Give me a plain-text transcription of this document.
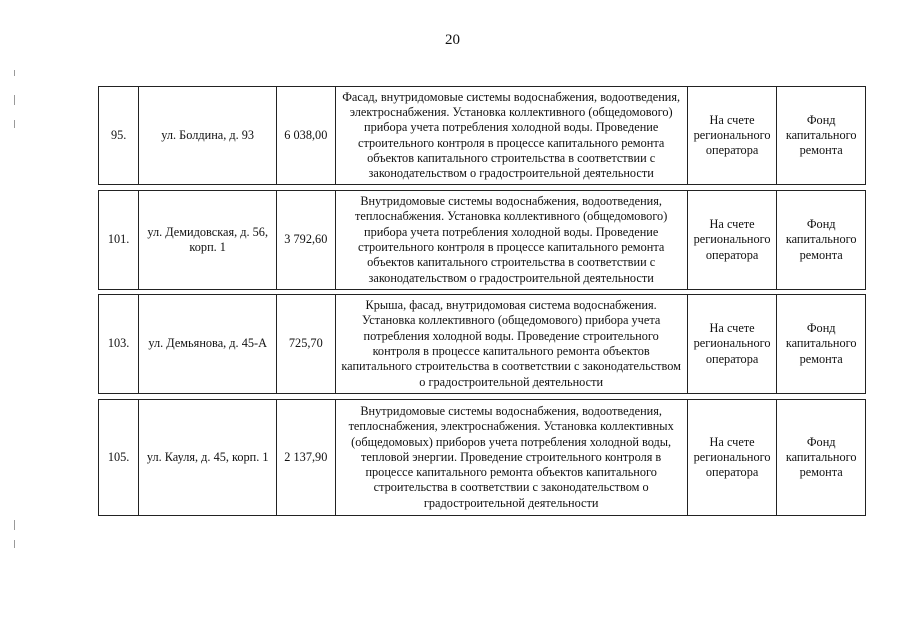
20
95.	ул. Болдина, д. 93	6 038,00	Фасад, внутридомовые системы водоснабжения, водоотведения, электроснабжения. Установка коллективного (общедомового) прибора учета потребления холодной воды. Проведение строительного контроля в процессе капитального ремонта объектов капитального строительства в соответствии с законодательством о градостроительной деятельности	На счете регионального оператора	Фонд капитального ремонта
101.	ул. Демидовская, д. 56, корп. 1	3 792,60	Внутридомовые системы водоснабжения, водоотведения, теплоснабжения. Установка коллективного (общедомового) прибора учета потребления холодной воды. Проведение строительного контроля в процессе капитального ремонта объектов капитального строительства в соответствии с законодательством о градостроительной деятельности	На счете регионального оператора	Фонд капитального ремонта
103.	ул. Демьянова, д. 45-А	725,70	Крыша, фасад, внутридомовая система водоснабжения. Установка коллективного (общедомового) прибора учета потребления холодной воды. Проведение строительного контроля в процессе капитального ремонта объектов капитального строительства в соответствии с законодательством о градостроительной деятельности	На счете регионального оператора	Фонд капитального ремонта
105.	ул. Кауля, д. 45, корп. 1	2 137,90	Внутридомовые системы водоснабжения, водоотведения, теплоснабжения, электроснабжения. Установка коллективных (общедомовых) приборов учета потребления холодной воды, тепловой энергии. Проведение строительного контроля в процессе капитального ремонта объектов капитального строительства в соответствии с законодательством о градостроительной деятельности	На счете регионального оператора	Фонд капитального ремонта
